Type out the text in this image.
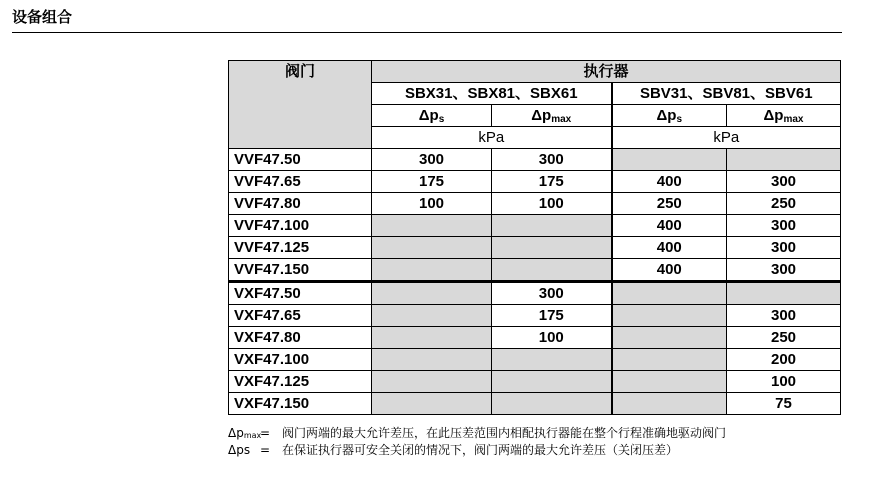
设备组合
阀门	执行器			
	SBX31、SBX81、SBX61		SBV31、SBV81、SBV61	
	$\Delta p_s$	$\Delta p_{max}$	$\Delta p_s$	$\Delta p_{max}$
	kPa		kPa	
VVF47.50	300	300		
VVF47.65	175	175	400	300
VVF47.80	100	100	250	250
VVF47.100			400	300
VVF47.125			400	300
VVF47.150			400	300
VXF47.50		300		
VXF47.65		175		300
VXF47.80		100		250
VXF47.100				200
VXF47.125				100
VXF47.150				75
$\Delta p_{max}$
= 阀门两端的最大允许差压，在此压差范围内相配执行器能在整个行程准确地驱动阀门
Δps = 在保证执行器可安全关闭的情况下，阀门两端的最大允许差压（关闭压差）
